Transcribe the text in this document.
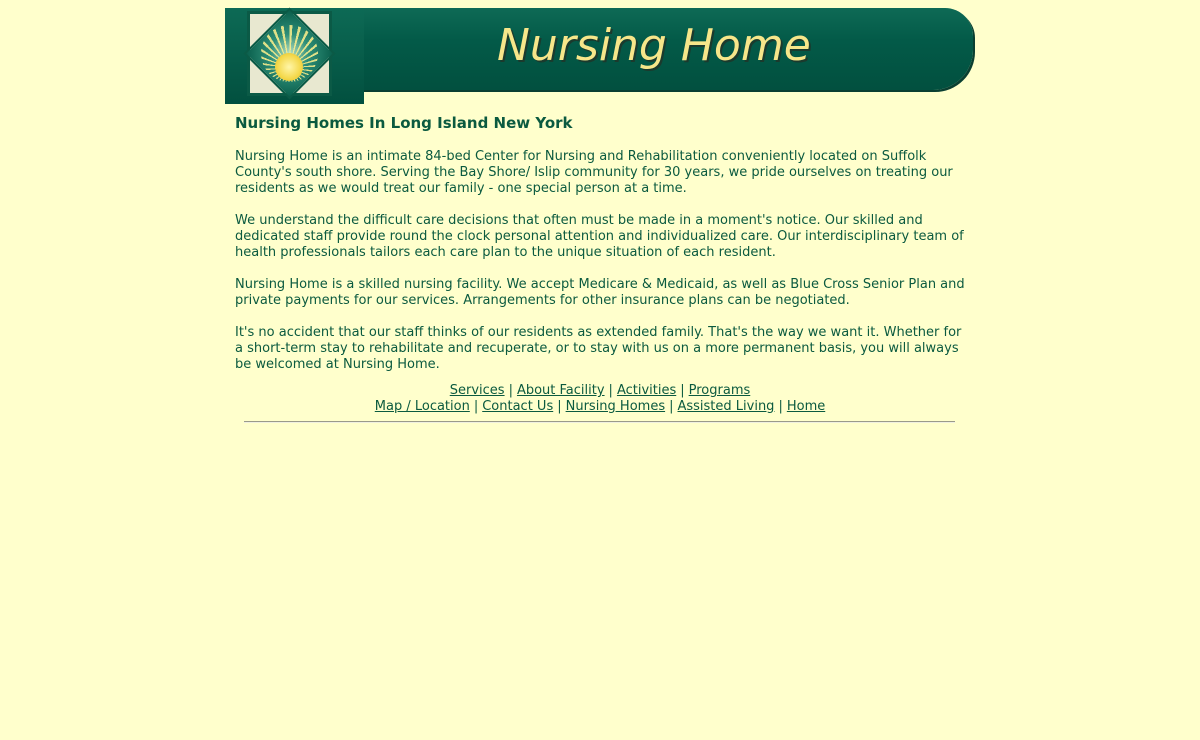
Nursing Home
Nursing Homes In Long Island New York

Nursing Home is an intimate 84-bed Center for Nursing and Rehabilitation conveniently located on Suffolk County's south shore. Serving the Bay Shore/ Islip community for 30 years, we pride ourselves on treating our residents as we would treat our family - one special person at a time.

We understand the difficult care decisions that often must be made in a moment's notice. Our skilled and dedicated staff provide round the clock personal attention and individualized care. Our interdisciplinary team of health professionals tailors each care plan to the unique situation of each resident.

Nursing Home is a skilled nursing facility. We accept Medicare & Medicaid, as well as Blue Cross Senior Plan and private payments for our services. Arrangements for other insurance plans can be negotiated.

It's no accident that our staff thinks of our residents as extended family. That's the way we want it. Whether for a short-term stay to rehabilitate and recuperate, or to stay with us on a more permanent basis, you will always be welcomed at Nursing Home.

Services | About Facility | Activities | Programs
Map / Location | Contact Us | Nursing Homes | Assisted Living | Home
